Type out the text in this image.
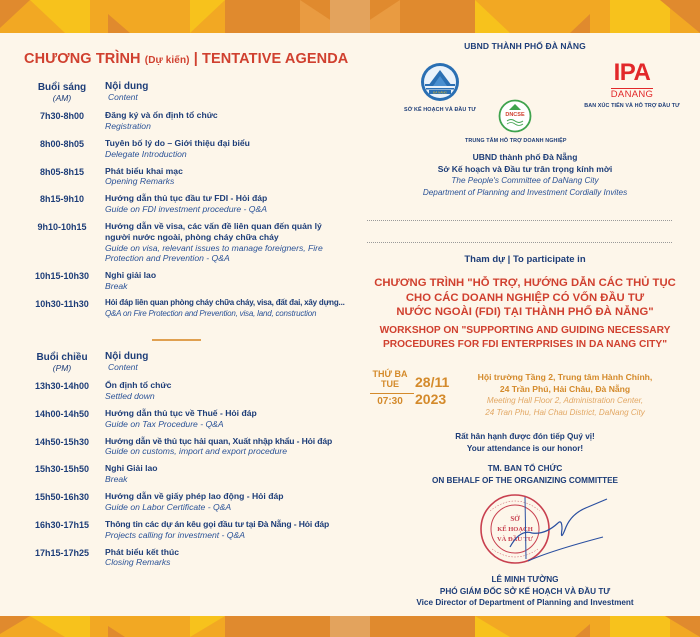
CHƯƠNG TRÌNH (Dự kiến) | TENTATIVE AGENDA
Buổi sáng
(AM)
Nội dung
Content
7h30-8h00	Đăng ký và ổn định tổ chức
Registration
8h00-8h05	Tuyên bố lý do – Giới thiệu đại biểu
Delegate Introduction
8h05-8h15	Phát biểu khai mạc
Opening Remarks
8h15-9h10	Hướng dẫn thủ tục đầu tư FDI - Hỏi đáp
Guide on FDI investment procedure - Q&A
9h10-10h15	Hướng dẫn về visa, các vấn đề liên quan đến quản lý người nước ngoài, phòng cháy chữa cháy
Guide on visa, relevant issues to manage foreigners, Fire Protection and Prevention - Q&A
10h15-10h30	Nghỉ giải lao
Break
10h30-11h30	Hỏi đáp liên quan phòng cháy chữa cháy, visa, đất đai, xây dựng...
Q&A on Fire Protection and Prevention, visa, land, construction
Buổi chiều
(PM)
Nội dung
Content
13h30-14h00	Ổn định tổ chức
Settled down
14h00-14h50	Hướng dẫn thủ tục về Thuế - Hỏi đáp
Guide on Tax Procedure - Q&A
14h50-15h30	Hướng dẫn về thủ tục hải quan, Xuất nhập khẩu - Hỏi đáp
Guide on customs, import and export procedure
15h30-15h50	Nghỉ Giải lao
Break
15h50-16h30	Hướng dẫn về giấy phép lao động - Hỏi đáp
Guide on Labor Certificate - Q&A
16h30-17h15	Thông tin các dự án kêu gọi đầu tư tại Đà Nẵng - Hỏi đáp
Projects calling for investment - Q&A
17h15-17h25	Phát biểu kết thúc
Closing Remarks
UBND THÀNH PHỐ ĐÀ NẴNG
ĐÀ NẴNG
SỞ KẾ HOẠCH VÀ ĐẦU TƯ
DNCSE
TRUNG TÂM HỖ TRỢ DOANH NGHIỆP
IPA
DANANG
BAN XÚC TIẾN VÀ HỖ TRỢ ĐẦU TƯ
UBND thành phố Đà Nẵng
Sở Kế hoạch và Đầu tư trân trọng kính mời
The People's Committee of DaNang City
Department of Planning and Investment Cordially Invites
Tham dự | To participate in
CHƯƠNG TRÌNH "HỖ TRỢ, HƯỚNG DẪN CÁC THỦ TỤC
CHO CÁC DOANH NGHIỆP CÓ VỐN ĐẦU TƯ
NƯỚC NGOÀI (FDI) TẠI THÀNH PHỐ ĐÀ NẴNG"
WORKSHOP ON "SUPPORTING AND GUIDING NECESSARY
PROCEDURES FOR FDI ENTERPRISES IN DA NANG CITY"
THỨ BA
TUE
07:30
28/11
2023
Hội trường Tầng 2, Trung tâm Hành Chính,
24 Trần Phú, Hải Châu, Đà Nẵng
Meeting Hall Floor 2, Administration Center,
24 Tran Phu, Hai Chau District, DaNang City
Rất hân hạnh được đón tiếp Quý vị!
Your attendance is our honor!
TM. BAN TỔ CHỨC
ON BEHALF OF THE ORGANIZING COMMITTEE
SỞ
KẾ HOẠCH
VÀ ĐẦU TƯ
LÊ MINH TƯỜNG
PHÓ GIÁM ĐỐC SỞ KẾ HOẠCH VÀ ĐẦU TƯ
Vice Director of Department of Planning and Investment
